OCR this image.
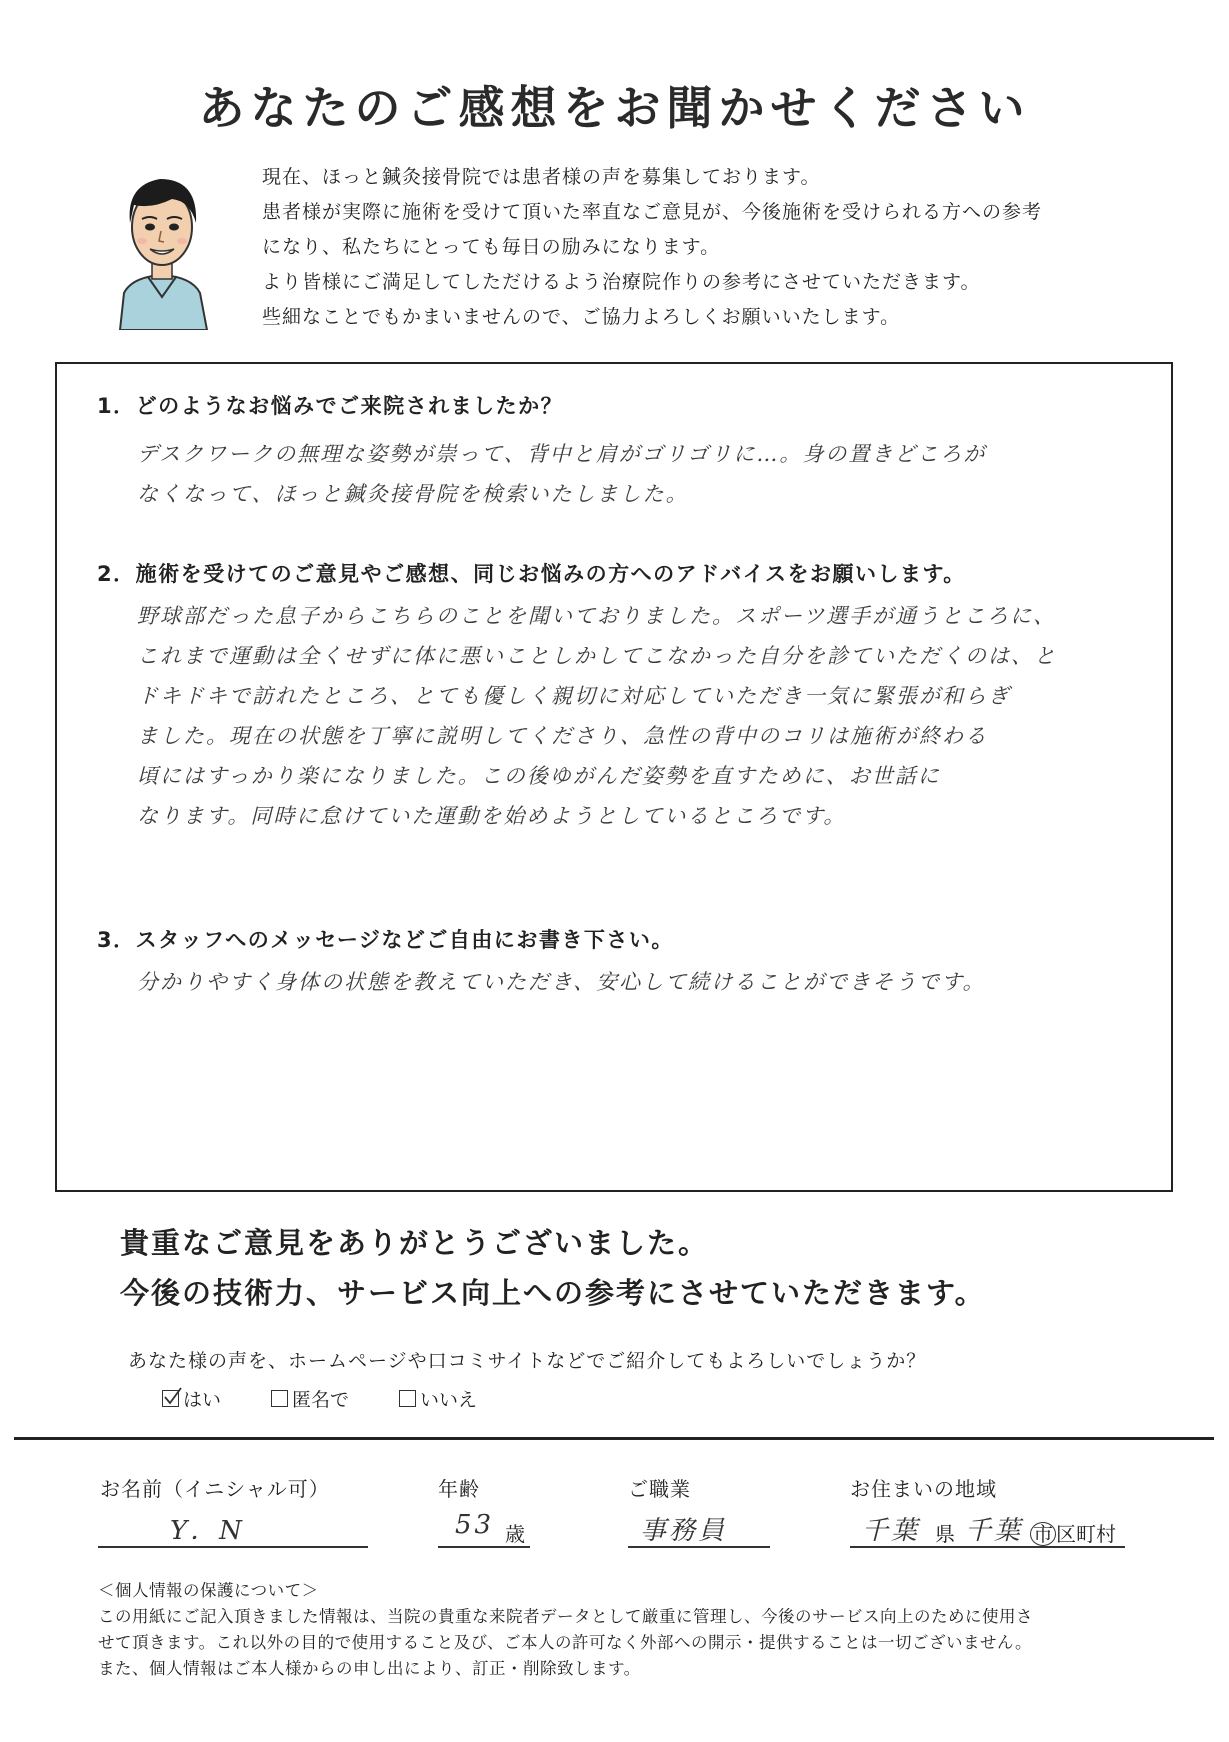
あなたのご感想をお聞かせください

現在、ほっと鍼灸接骨院では患者様の声を募集しております。

患者様が実際に施術を受けて頂いた率直なご意見が、今後施術を受けられる方への参考

になり、私たちにとっても毎日の励みになります。

より皆様にご満足してしただけるよう治療院作りの参考にさせていただきます。

些細なことでもかまいませんので、ご協力よろしくお願いいたします。

1．どのようなお悩みでご来院されましたか？
デスクワークの無理な姿勢が崇って、背中と肩がゴリゴリに…。身の置きどころが
なくなって、ほっと鍼灸接骨院を検索いたしました。
2．施術を受けてのご意見やご感想、同じお悩みの方へのアドバイスをお願いします。
野球部だった息子からこちらのことを聞いておりました。スポーツ選手が通うところに、
これまで運動は全くせずに体に悪いことしかしてこなかった自分を診ていただくのは、と
ドキドキで訪れたところ、とても優しく親切に対応していただき一気に緊張が和らぎ
ました。現在の状態を丁寧に説明してくださり、急性の背中のコリは施術が終わる
頃にはすっかり楽になりました。この後ゆがんだ姿勢を直すために、お世話に
なります。同時に怠けていた運動を始めようとしているところです。
3．スタッフへのメッセージなどご自由にお書き下さい。
分かりやすく身体の状態を教えていただき、安心して続けることができそうです。
貴重なご意見をありがとうございました。
今後の技術力、サービス向上への参考にさせていただきます。
あなた様の声を、ホームページや口コミサイトなどでご紹介してもよろしいでしょうか？
はい	匿名で	いいえ
お名前（イニシャル可）
Y．N
年齢
53 歳
ご職業
事務員
お住まいの地域
千葉 県 千葉 市 区町村
＜個人情報の保護について＞
この用紙にご記入頂きました情報は、当院の貴重な来院者データとして厳重に管理し、今後のサービス向上のために使用さ
せて頂きます。これ以外の目的で使用すること及び、ご本人の許可なく外部への開示・提供することは一切ございません。
また、個人情報はご本人様からの申し出により、訂正・削除致します。
